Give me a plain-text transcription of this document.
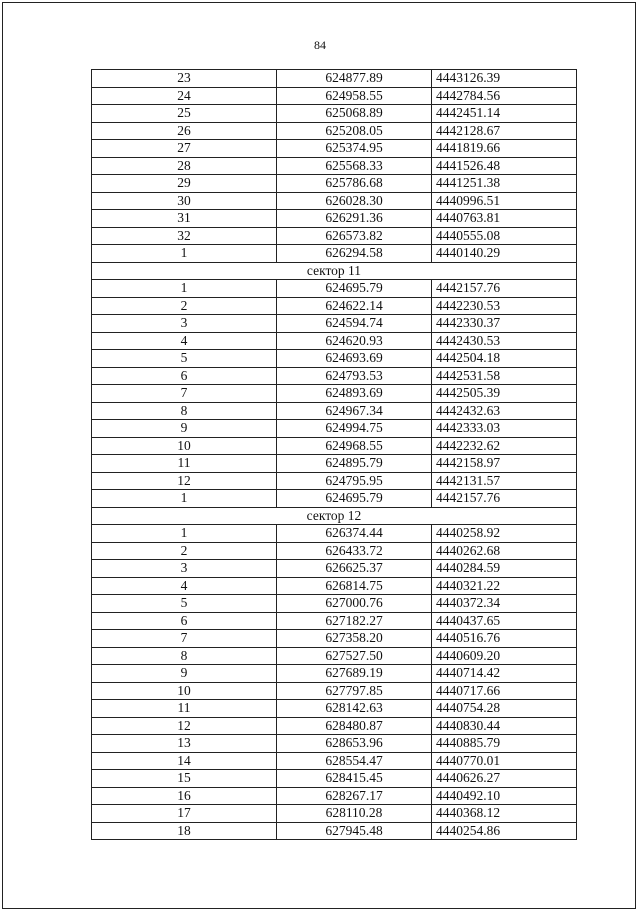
84
23	624877.89	4443126.39
24	624958.55	4442784.56
25	625068.89	4442451.14
26	625208.05	4442128.67
27	625374.95	4441819.66
28	625568.33	4441526.48
29	625786.68	4441251.38
30	626028.30	4440996.51
31	626291.36	4440763.81
32	626573.82	4440555.08
1	626294.58	4440140.29
сектор 11		
1	624695.79	4442157.76
2	624622.14	4442230.53
3	624594.74	4442330.37
4	624620.93	4442430.53
5	624693.69	4442504.18
6	624793.53	4442531.58
7	624893.69	4442505.39
8	624967.34	4442432.63
9	624994.75	4442333.03
10	624968.55	4442232.62
11	624895.79	4442158.97
12	624795.95	4442131.57
1	624695.79	4442157.76
сектор 12		
1	626374.44	4440258.92
2	626433.72	4440262.68
3	626625.37	4440284.59
4	626814.75	4440321.22
5	627000.76	4440372.34
6	627182.27	4440437.65
7	627358.20	4440516.76
8	627527.50	4440609.20
9	627689.19	4440714.42
10	627797.85	4440717.66
11	628142.63	4440754.28
12	628480.87	4440830.44
13	628653.96	4440885.79
14	628554.47	4440770.01
15	628415.45	4440626.27
16	628267.17	4440492.10
17	628110.28	4440368.12
18	627945.48	4440254.86
